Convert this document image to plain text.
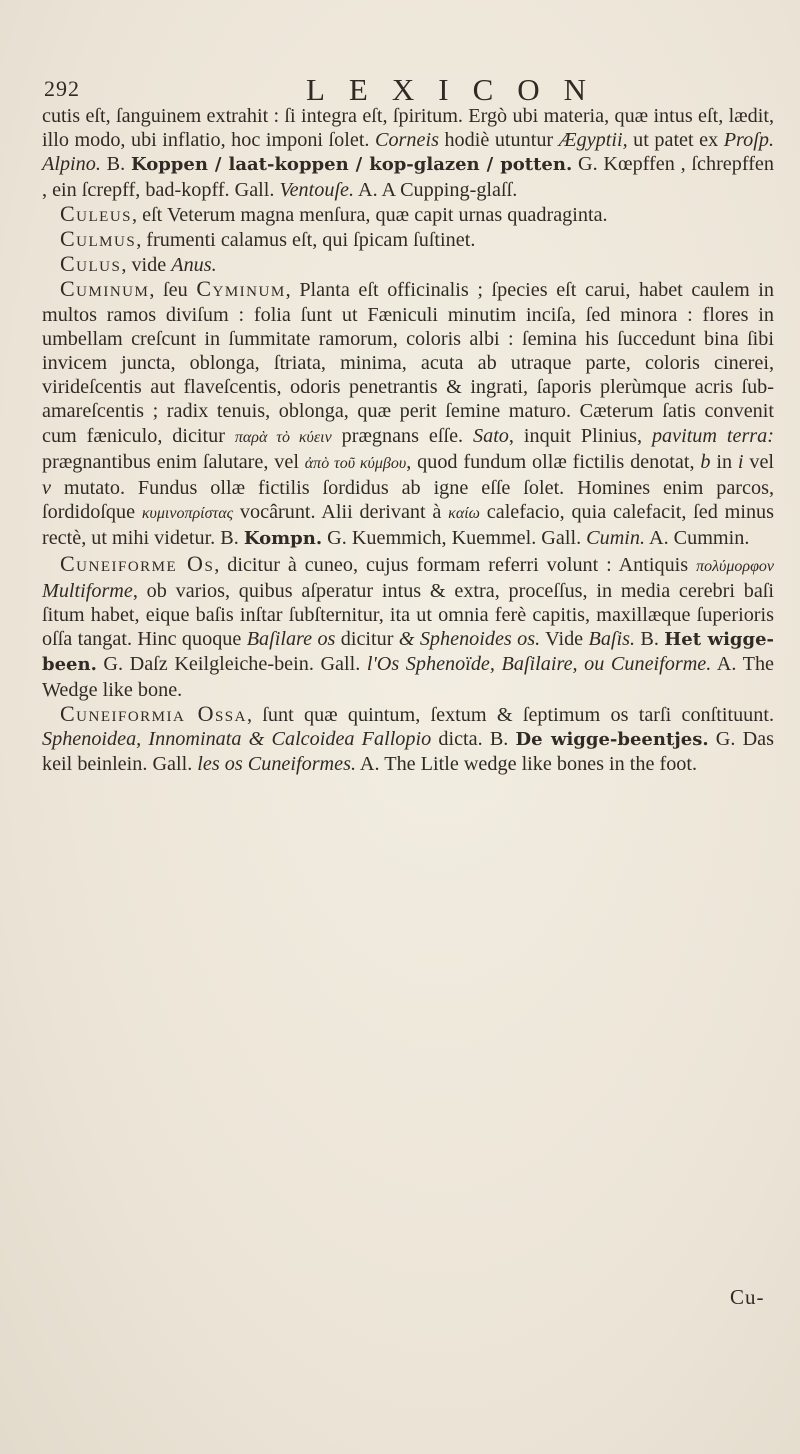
292	LEXICON

cutis eſt, ſanguinem extrahit : ſi integra eſt, ſpiritum. Ergò ubi materia, quæ intus eſt, lædit, illo modo, ubi inflatio, hoc imponi ſolet. Corneis hodiè utuntur Ægyptii, ut patet ex Proſp. Alpino. B. Koppen / laat-koppen / kop-glazen / potten. G. Kœpffen , ſchrepffen , ein ſcrepff, bad-kopff. Gall. Ventouſe. A. A Cupping-glaſſ.

Culeus, eſt Veterum magna menſura, quæ capit urnas quadraginta.

Culmus, frumenti calamus eſt, qui ſpicam ſuſtinet.

Culus, vide Anus.

Cuminum, ſeu Cyminum, Planta eſt officinalis ; ſpecies eſt carui, habet caulem in multos ramos diviſum : folia ſunt ut Fæniculi minutim inciſa, ſed minora : flores in umbellam creſcunt in ſummitate ramorum, coloris albi : ſemina his ſuccedunt bina ſibi invicem juncta, oblonga, ſtriata, minima, acuta ab utraque parte, coloris cinerei, virideſcentis aut flaveſcentis, odoris penetrantis & ingrati, ſaporis plerùmque acris ſub-amareſcentis ; radix tenuis, oblonga, quæ perit ſemine maturo. Cæterum ſatis convenit cum fæniculo, dicitur παρὰ τὸ κύειν prægnans eſſe. Sato, inquit Plinius, pavitum terra: prægnantibus enim ſalutare, vel ἀπὸ τοῦ κύμβου, quod fundum ollæ fictilis denotat, b in i vel v mutato. Fundus ollæ fictilis ſordidus ab igne eſſe ſolet. Homines enim parcos, ſordidoſque κυμινοπρίστας vocârunt. Alii derivant à καίω calefacio, quia calefacit, ſed minus rectè, ut mihi videtur. B. Kompn. G. Kuemmich, Kuemmel. Gall. Cumin. A. Cummin.

Cuneiforme Os, dicitur à cuneo, cujus formam referri volunt : Antiquis πολύμορφον Multiforme, ob varios, quibus aſperatur intus & extra, proceſſus, in media cerebri baſi ſitum habet, eique baſis inſtar ſubſternitur, ita ut omnia ferè capitis, maxillæque ſuperioris oſſa tangat. Hinc quoque Baſilare os dicitur & Sphenoides os. Vide Baſis. B. Het wigge-been. G. Daſz Keilgleiche-bein. Gall. l'Os Sphenoïde, Baſilaire, ou Cuneiforme. A. The Wedge like bone.

Cuneiformia Ossa, ſunt quæ quintum, ſextum & ſeptimum os tarſi conſtituunt. Sphenoidea, Innominata & Calcoidea Fallopio dicta. B. De wigge-beentjes. G. Das keil beinlein. Gall. les os Cuneiformes. A. The Litle wedge like bones in the foot.

Cu-
